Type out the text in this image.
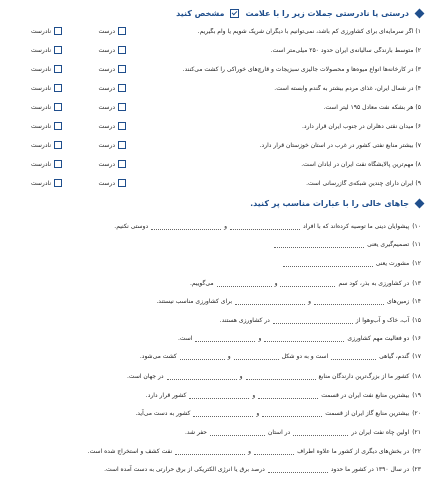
درستی یا نادرستی جملات زیر را با علامت
مشخص کنید
۱)اگر سرمایه‌ای برای کشاورزی کم باشد، نمی‌توانیم با دیگران شریک شویم یا وام بگیریم.
درست
نادرست
۲)متوسط بارندگی سالیانه‌ی ایران حدود ۲۵۰ میلی‌متر است.
درست
نادرست
۳)در کارخانه‌ها انواع میوه‌ها و محصولات جالیزی سبزیجات و قارچ‌های خوراکی را کشت می‌کنند.
درست
نادرست
۴)در شمال ایران، غذای مردم بیشتر به گندم وابسته است.
درست
نادرست
۵)هر بشکه نفت معادل ۱۹۵ لیتر است.
درست
نادرست
۶)میدان نفتی دهلران در جنوب ایران قرار دارد.
درست
نادرست
۷)بیشتر منابع نفتی کشور در غرب در استان خوزستان قرار دارد.
درست
نادرست
۸)مهم‌ترین پالایشگاه نفت ایران در آبادان است.
درست
نادرست
۹)ایران دارای چندین شبکه‌ی گازرسانی است.
درست
نادرست
جاهای خالی را با عبارات مناسب پر کنید.
۱۰)
پیشوایان دینی ما توصیه کرده‌اند که با افراد
و
دوستی نکنیم.
۱۱)
تصمیم‌گیری یعنی
۱۲)
مشورت یعنی
۱۳)
در کشاورزی به بذر، کود سم
و
می‌گوییم.
۱۴)
زمین‌های
و
برای کشاورزی مناسب نیستند.
۱۵)
آب، خاک و آب‌وهوا از
در کشاورزی هستند.
۱۶)
دو فعالیت مهم کشاورزی
و
است.
۱۷)
گندم، گیاهی
است و به دو شکل
و
کشت می‌شود.
۱۸)
کشور ما از بزرگ‌ترین دارندگان منابع
و
در جهان است.
۱۹)
بیشترین منابع نفت ایران در قسمت
و
کشور قرار دارد.
۲۰)
بیشترین منابع گاز ایران از قسمت
و
کشور به دست می‌آید.
۲۱)
اولین چاه نفت ایران در
در استان
حفر شد.
۲۲)
در بخش‌های دیگری از کشور ما علاوه اطراف
و
نفت کشف و استخراج شده است.
۲۳)
در سال ۱۳۹۰ در کشور ما حدود
درصد برق یا انرژی الکتریکی از برق حرارتی به دست آمده است.
